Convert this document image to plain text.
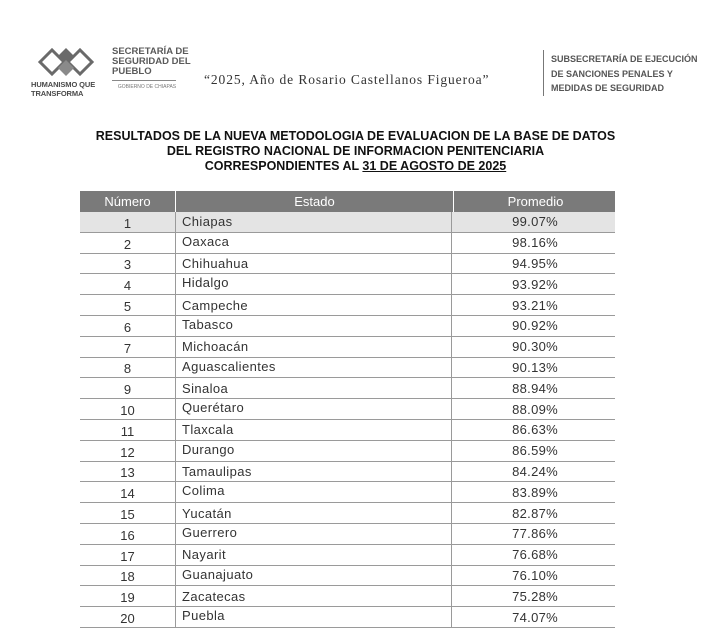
HUMANISMO QUE TRANSFORMA
SECRETARÍA DE SEGURIDAD DEL PUEBLO
GOBIERNO DE CHIAPAS	“2025, Año de Rosario Castellanos Figueroa”
SUBSECRETARÍA DE EJECUCIÓN DE SANCIONES PENALES Y MEDIDAS DE SEGURIDAD
RESULTADOS DE LA NUEVA METODOLOGIA DE EVALUACION DE LA BASE DE DATOS
DEL REGISTRO NACIONAL DE INFORMACION PENITENCIARIA
CORRESPONDIENTES AL 31 DE AGOSTO DE 2025
Número	Estado	Promedio
1	Chiapas	99.07%
2	Oaxaca	98.16%
3	Chihuahua	94.95%
4	Hidalgo	93.92%
5	Campeche	93.21%
6	Tabasco	90.92%
7	Michoacán	90.30%
8	Aguascalientes	90.13%
9	Sinaloa	88.94%
10	Querétaro	88.09%
11	Tlaxcala	86.63%
12	Durango	86.59%
13	Tamaulipas	84.24%
14	Colima	83.89%
15	Yucatán	82.87%
16	Guerrero	77.86%
17	Nayarit	76.68%
18	Guanajuato	76.10%
19	Zacatecas	75.28%
20	Puebla	74.07%
